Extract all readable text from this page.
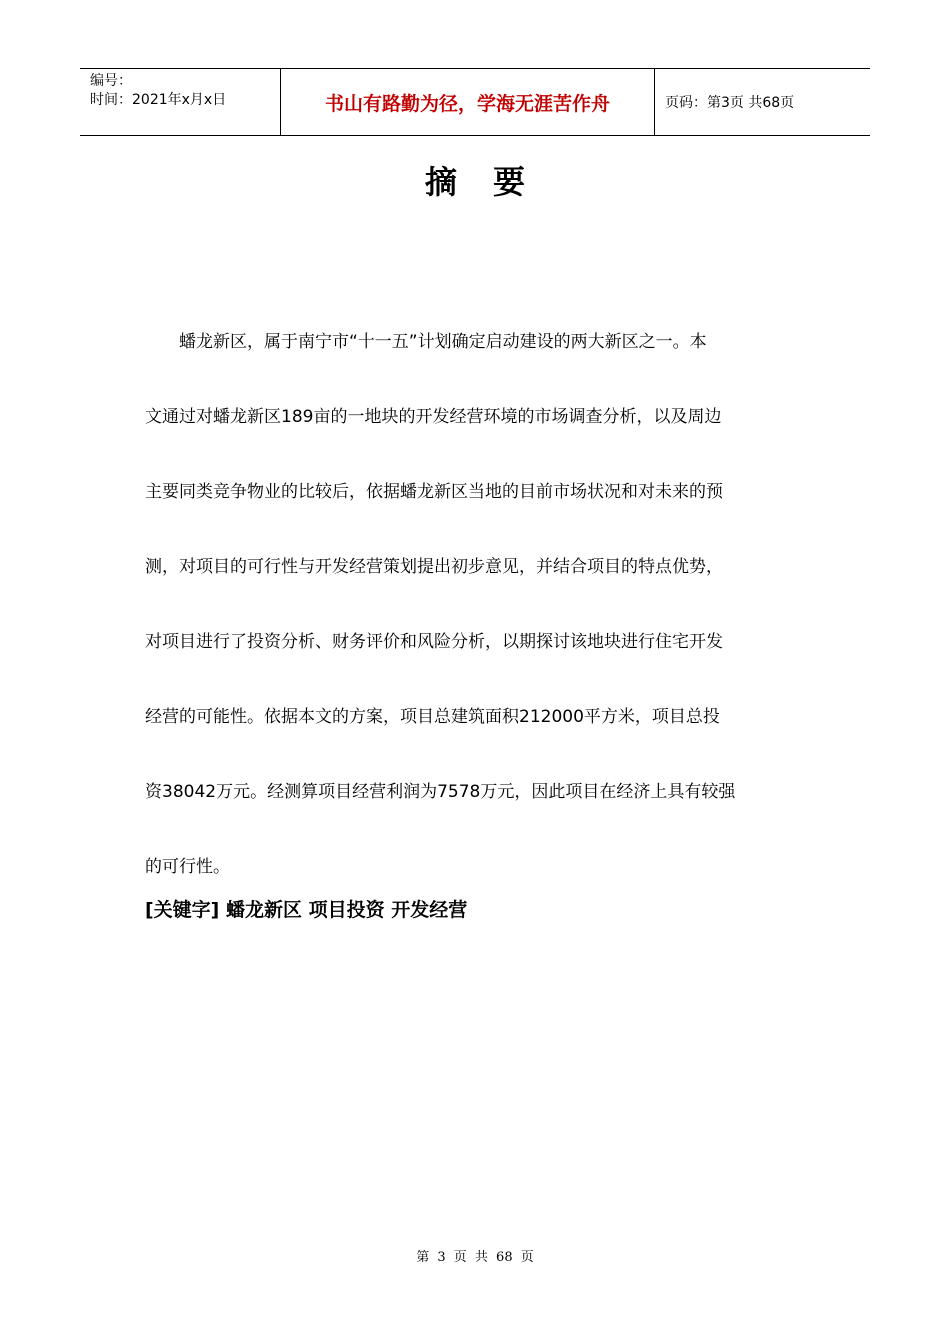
编号：
时间：2021年x月x日	书山有路勤为径，学海无涯苦作舟	页码：第3页 共68页
摘要
蟠龙新区，属于南宁市“十一五”计划确定启动建设的两大新区之一。本
文通过对蟠龙新区189亩的一地块的开发经营环境的市场调查分析，以及周边
主要同类竞争物业的比较后，依据蟠龙新区当地的目前市场状况和对未来的预
测，对项目的可行性与开发经营策划提出初步意见，并结合项目的特点优势，
对项目进行了投资分析、财务评价和风险分析，以期探讨该地块进行住宅开发
经营的可能性。依据本文的方案，项目总建筑面积212000平方米，项目总投
资38042万元。经测算项目经营利润为7578万元，因此项目在经济上具有较强
的可行性。
[关键字] 蟠龙新区 项目投资 开发经营
第 3 页 共 68 页
